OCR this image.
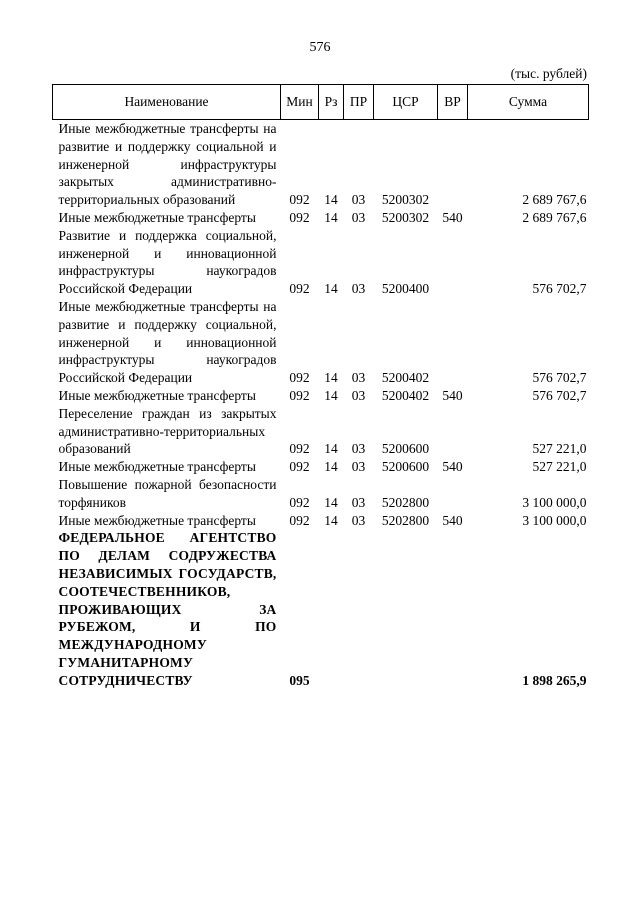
576
(тыс. рублей)
Наименование	Мин	Рз	ПР	ЦСР	ВР	Сумма
Иные межбюджетные трансферты на развитие и поддержку социальной и инженерной инфраструктуры закрытых административно-территориальных образований	092	14	03	5200302		2 689 767,6
Иные межбюджетные трансферты	092	14	03	5200302	540	2 689 767,6
Развитие и поддержка социальной, инженерной и инновационной инфраструктуры наукоградов Российской Федерации	092	14	03	5200400		576 702,7
Иные межбюджетные трансферты на развитие и поддержку социальной, инженерной и инновационной инфраструктуры наукоградов Российской Федерации	092	14	03	5200402		576 702,7
Иные межбюджетные трансферты	092	14	03	5200402	540	576 702,7
Переселение граждан из закрытых административно-территориальных образований	092	14	03	5200600		527 221,0
Иные межбюджетные трансферты	092	14	03	5200600	540	527 221,0
Повышение пожарной безопасности торфяников	092	14	03	5202800		3 100 000,0
Иные межбюджетные трансферты	092	14	03	5202800	540	3 100 000,0
ФЕДЕРАЛЬНОЕ АГЕНТСТВО ПО ДЕЛАМ СОДРУЖЕСТВА НЕЗАВИСИМЫХ ГОСУДАРСТВ, СООТЕЧЕСТВЕННИКОВ, ПРОЖИВАЮЩИХ ЗА РУБЕЖОМ, И ПО МЕЖДУНАРОДНОМУ ГУМАНИТАРНОМУ СОТРУДНИЧЕСТВУ	095					1 898 265,9
